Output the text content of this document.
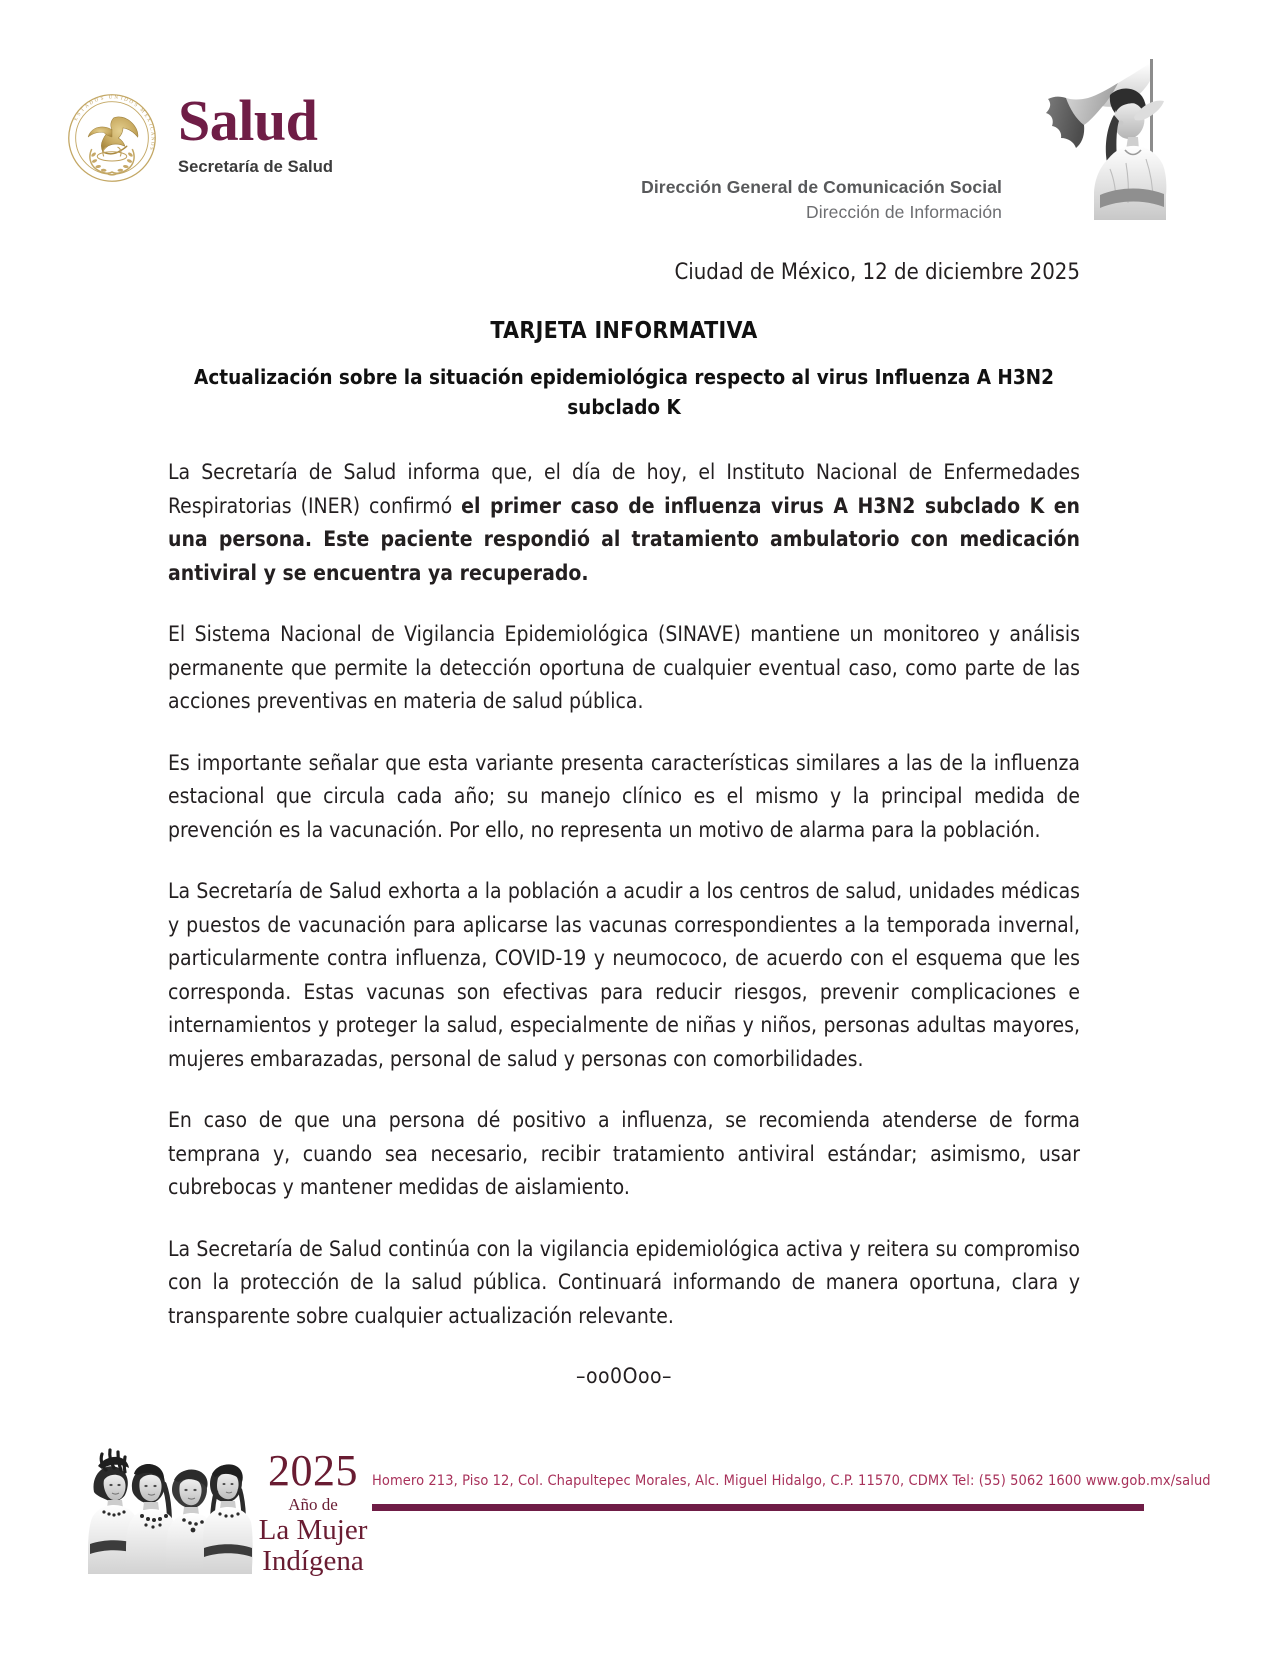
E
S
T
A
D O S U N I D O S
M
E
X
I
C
A
N
O
S Salud
Secretaría de Salud
Dirección General de Comunicación Social
Dirección de Información
Ciudad de México, 12 de diciembre 2025
TARJETA INFORMATIVA
Actualización sobre la situación epidemiológica respecto al virus Influenza A H3N2 subclado K

La Secretaría de Salud informa que, el día de hoy, el Instituto Nacional de Enfermedades Respiratorias (INER) confirmó el primer caso de influenza virus A H3N2 subclado K en una persona. Este paciente respondió al tratamiento ambulatorio con medicación antiviral y se encuentra ya recuperado.

El Sistema Nacional de Vigilancia Epidemiológica (SINAVE) mantiene un monitoreo y análisis permanente que permite la detección oportuna de cualquier eventual caso, como parte de las acciones preventivas en materia de salud pública.

Es importante señalar que esta variante presenta características similares a las de la influenza estacional que circula cada año; su manejo clínico es el mismo y la principal medida de prevención es la vacunación. Por ello, no representa un motivo de alarma para la población.

La Secretaría de Salud exhorta a la población a acudir a los centros de salud, unidades médicas y puestos de vacunación para aplicarse las vacunas correspondientes a la temporada invernal, particularmente contra influenza, COVID-19 y neumococo, de acuerdo con el esquema que les corresponda. Estas vacunas son efectivas para reducir riesgos, prevenir complicaciones e internamientos y proteger la salud, especialmente de niñas y niños, personas adultas mayores, mujeres embarazadas, personal de salud y personas con comorbilidades.

En caso de que una persona dé positivo a influenza, se recomienda atenderse de forma temprana y, cuando sea necesario, recibir tratamiento antiviral estándar; asimismo, usar cubrebocas y mantener medidas de aislamiento.

La Secretaría de Salud continúa con la vigilancia epidemiológica activa y reitera su compromiso con la protección de la salud pública. Continuará informando de manera oportuna, clara y transparente sobre cualquier actualización relevante.

–oo0Ooo–
2025
Año de
La Mujer
Indígena
Homero 213, Piso 12, Col. Chapultepec Morales, Alc. Miguel Hidalgo, C.P. 11570, CDMX Tel: (55) 5062 1600 www.gob.mx/salud
